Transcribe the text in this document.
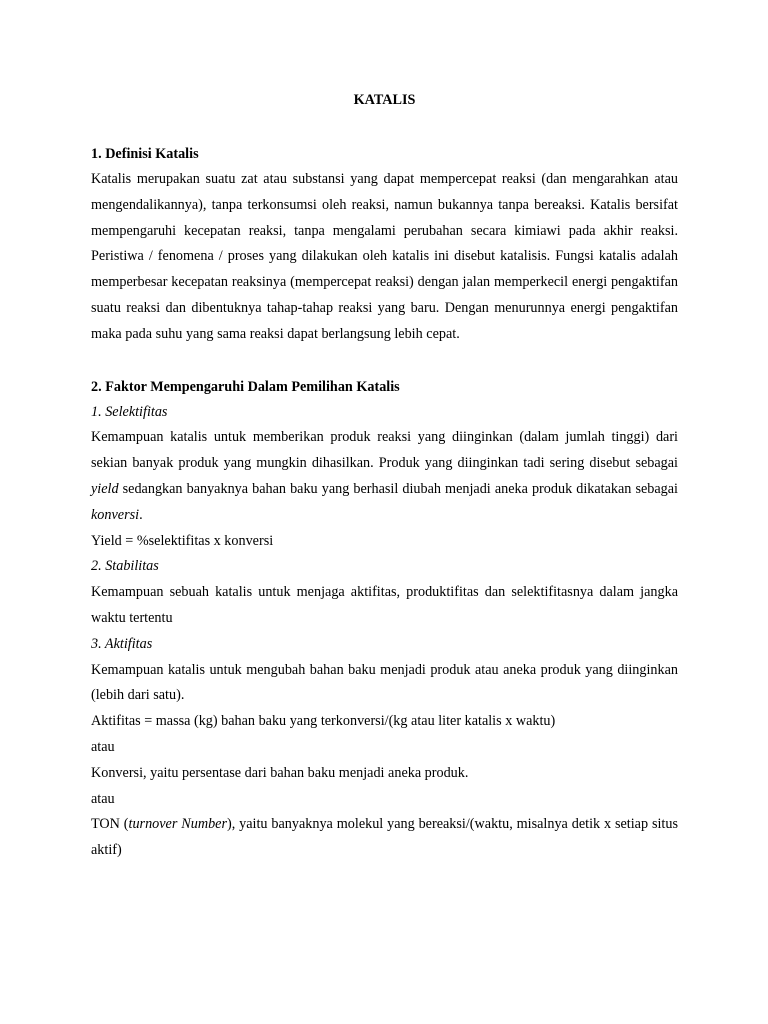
KATALIS
1. Definisi Katalis

Katalis merupakan suatu zat atau substansi yang dapat mempercepat reaksi (dan mengarahkan atau mengendalikannya), tanpa terkonsumsi oleh reaksi, namun bukannya tanpa bereaksi. Katalis bersifat mempengaruhi kecepatan reaksi, tanpa mengalami perubahan secara kimiawi pada akhir reaksi. Peristiwa / fenomena / proses yang dilakukan oleh katalis ini disebut katalisis. Fungsi katalis adalah memperbesar kecepatan reaksinya (mempercepat reaksi) dengan jalan memperkecil energi pengaktifan suatu reaksi dan dibentuknya tahap-tahap reaksi yang baru. Dengan menurunnya energi pengaktifan maka pada suhu yang sama reaksi dapat berlangsung lebih cepat.

2. Faktor Mempengaruhi Dalam Pemilihan Katalis

1. Selektifitas

Kemampuan katalis untuk memberikan produk reaksi yang diinginkan (dalam jumlah tinggi) dari sekian banyak produk yang mungkin dihasilkan. Produk yang diinginkan tadi sering disebut sebagai yield sedangkan banyaknya bahan baku yang berhasil diubah menjadi aneka produk dikatakan sebagai konversi.

Yield = %selektifitas x konversi

2. Stabilitas

Kemampuan sebuah katalis untuk menjaga aktifitas, produktifitas dan selektifitasnya dalam jangka waktu tertentu

3. Aktifitas

Kemampuan katalis untuk mengubah bahan baku menjadi produk atau aneka produk yang diinginkan (lebih dari satu).

Aktifitas = massa (kg) bahan baku yang terkonversi/(kg atau liter katalis x waktu)

atau

Konversi, yaitu persentase dari bahan baku menjadi aneka produk.

atau

TON (turnover Number), yaitu banyaknya molekul yang bereaksi/(waktu, misalnya detik x setiap situs aktif)
